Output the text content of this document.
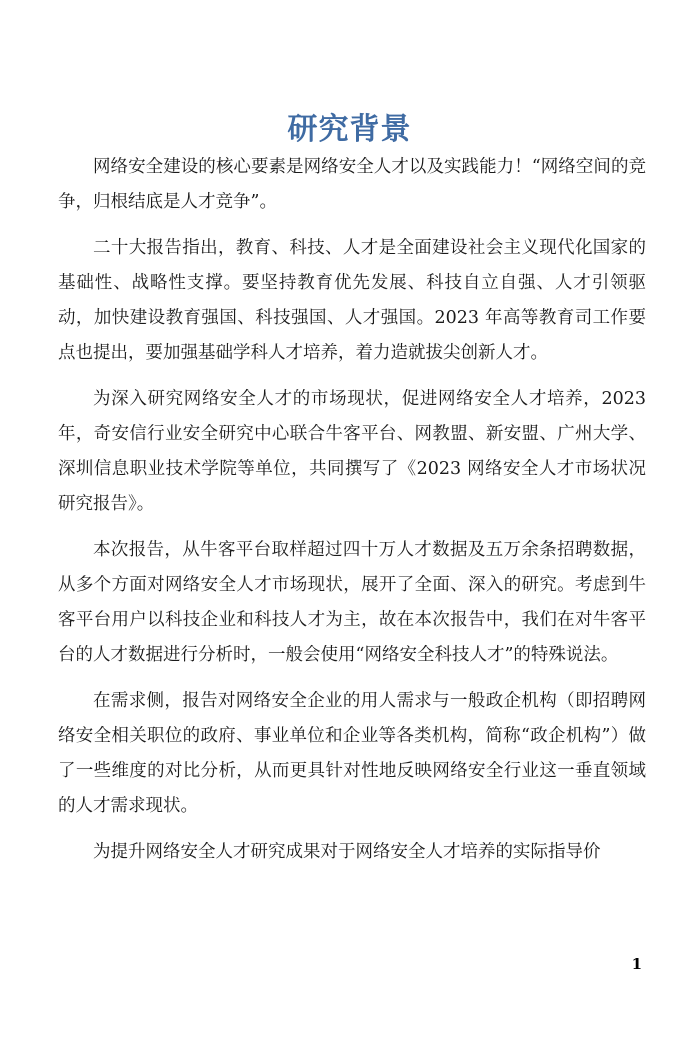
研究背景

网络安全建设的核心要素是网络安全人才以及实践能力！“网络空间的竞争，归根结底是人才竞争”。

二十大报告指出，教育、科技、人才是全面建设社会主义现代化国家的基础性、战略性支撑。要坚持教育优先发展、科技自立自强、人才引领驱动，加快建设教育强国、科技强国、人才强国。2023 年高等教育司工作要点也提出，要加强基础学科人才培养，着力造就拔尖创新人才。

为深入研究网络安全人才的市场现状，促进网络安全人才培养，2023 年，奇安信行业安全研究中心联合牛客平台、网教盟、新安盟、广州大学、深圳信息职业技术学院等单位，共同撰写了《2023 网络安全人才市场状况研究报告》。

本次报告，从牛客平台取样超过四十万人才数据及五万余条招聘数据，从多个方面对网络安全人才市场现状，展开了全面、深入的研究。考虑到牛客平台用户以科技企业和科技人才为主，故在本次报告中，我们在对牛客平台的人才数据进行分析时，一般会使用“网络安全科技人才”的特殊说法。

在需求侧，报告对网络安全企业的用人需求与一般政企机构（即招聘网络安全相关职位的政府、事业单位和企业等各类机构，简称“政企机构”）做了一些维度的对比分析，从而更具针对性地反映网络安全行业这一垂直领域的人才需求现状。

为提升网络安全人才研究成果对于网络安全人才培养的实际指导价

1
